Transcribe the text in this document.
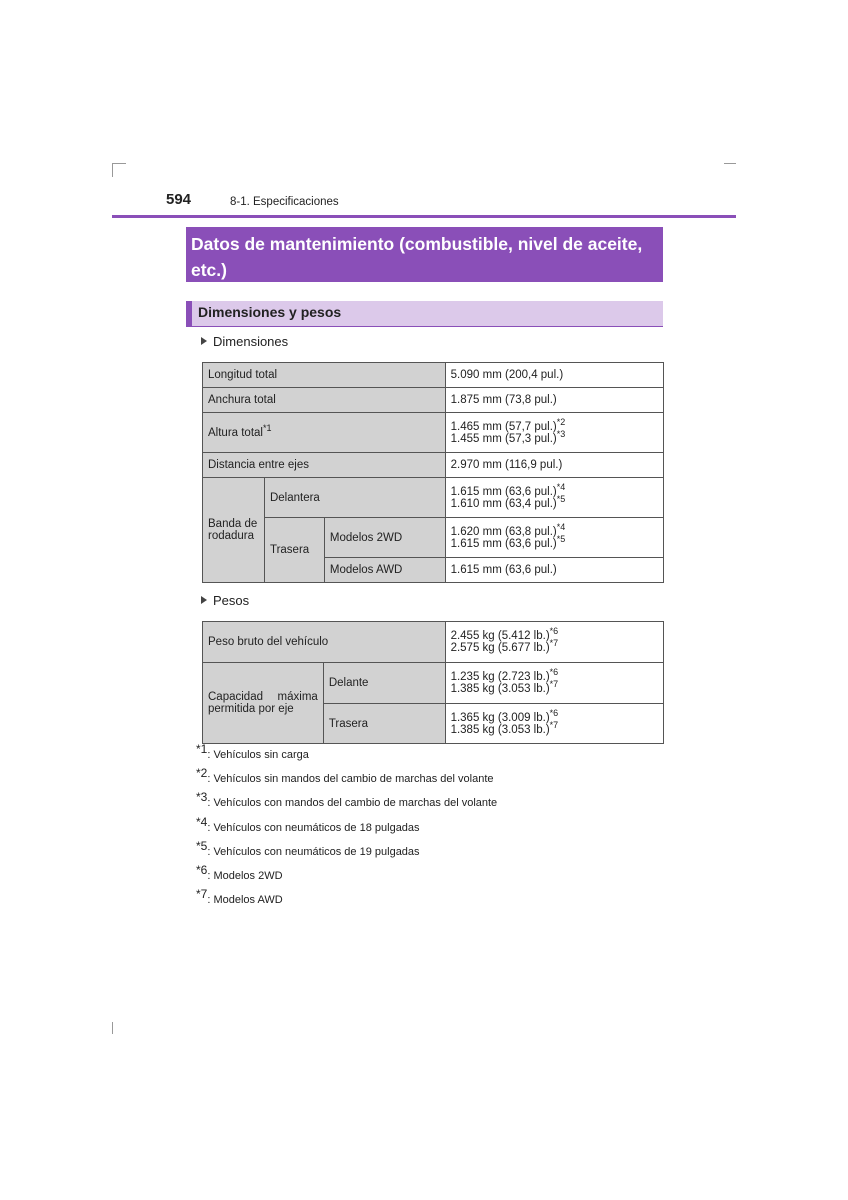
594	8-1. Especificaciones
Datos de mantenimiento (combustible, nivel de aceite, etc.)
Dimensiones y pesos
Dimensiones
Longitud total			5.090 mm (200,4 pul.)
Anchura total			1.875 mm (73,8 pul.)
Altura total$^{*1}$			1.465 mm (57,7 pul.)$^{*2}$
1.455 mm (57,3 pul.)$^{*3}$

Distancia entre ejes			2.970 mm (116,9 pul.)
Banda de rodadura	Delantera		1.615 mm (63,6 pul.)$^{*4}$
1.610 mm (63,4 pul.)$^{*5}$

	Trasera	Modelos 2WD	1.620 mm (63,8 pul.)$^{*4}$
1.615 mm (63,6 pul.)$^{*5}$

		Modelos AWD	1.615 mm (63,6 pul.)
Pesos
Peso bruto del vehículo		2.455 kg (5.412 lb.)$^{*6}$
2.575 kg (5.677 lb.)$^{*7}$

Capacidad máxima permitida por eje	Delante	1.235 kg (2.723 lb.)$^{*6}$
1.385 kg (3.053 lb.)$^{*7}$

	Trasera	1.365 kg (3.009 lb.)$^{*6}$
1.385 kg (3.053 lb.)$^{*7}$
$^{*1}$: Vehículos sin carga
$^{*2}$: Vehículos sin mandos del cambio de marchas del volante
$^{*3}$: Vehículos con mandos del cambio de marchas del volante
$^{*4}$: Vehículos con neumáticos de 18 pulgadas
$^{*5}$: Vehículos con neumáticos de 19 pulgadas
$^{*6}$: Modelos 2WD
$^{*7}$: Modelos AWD
